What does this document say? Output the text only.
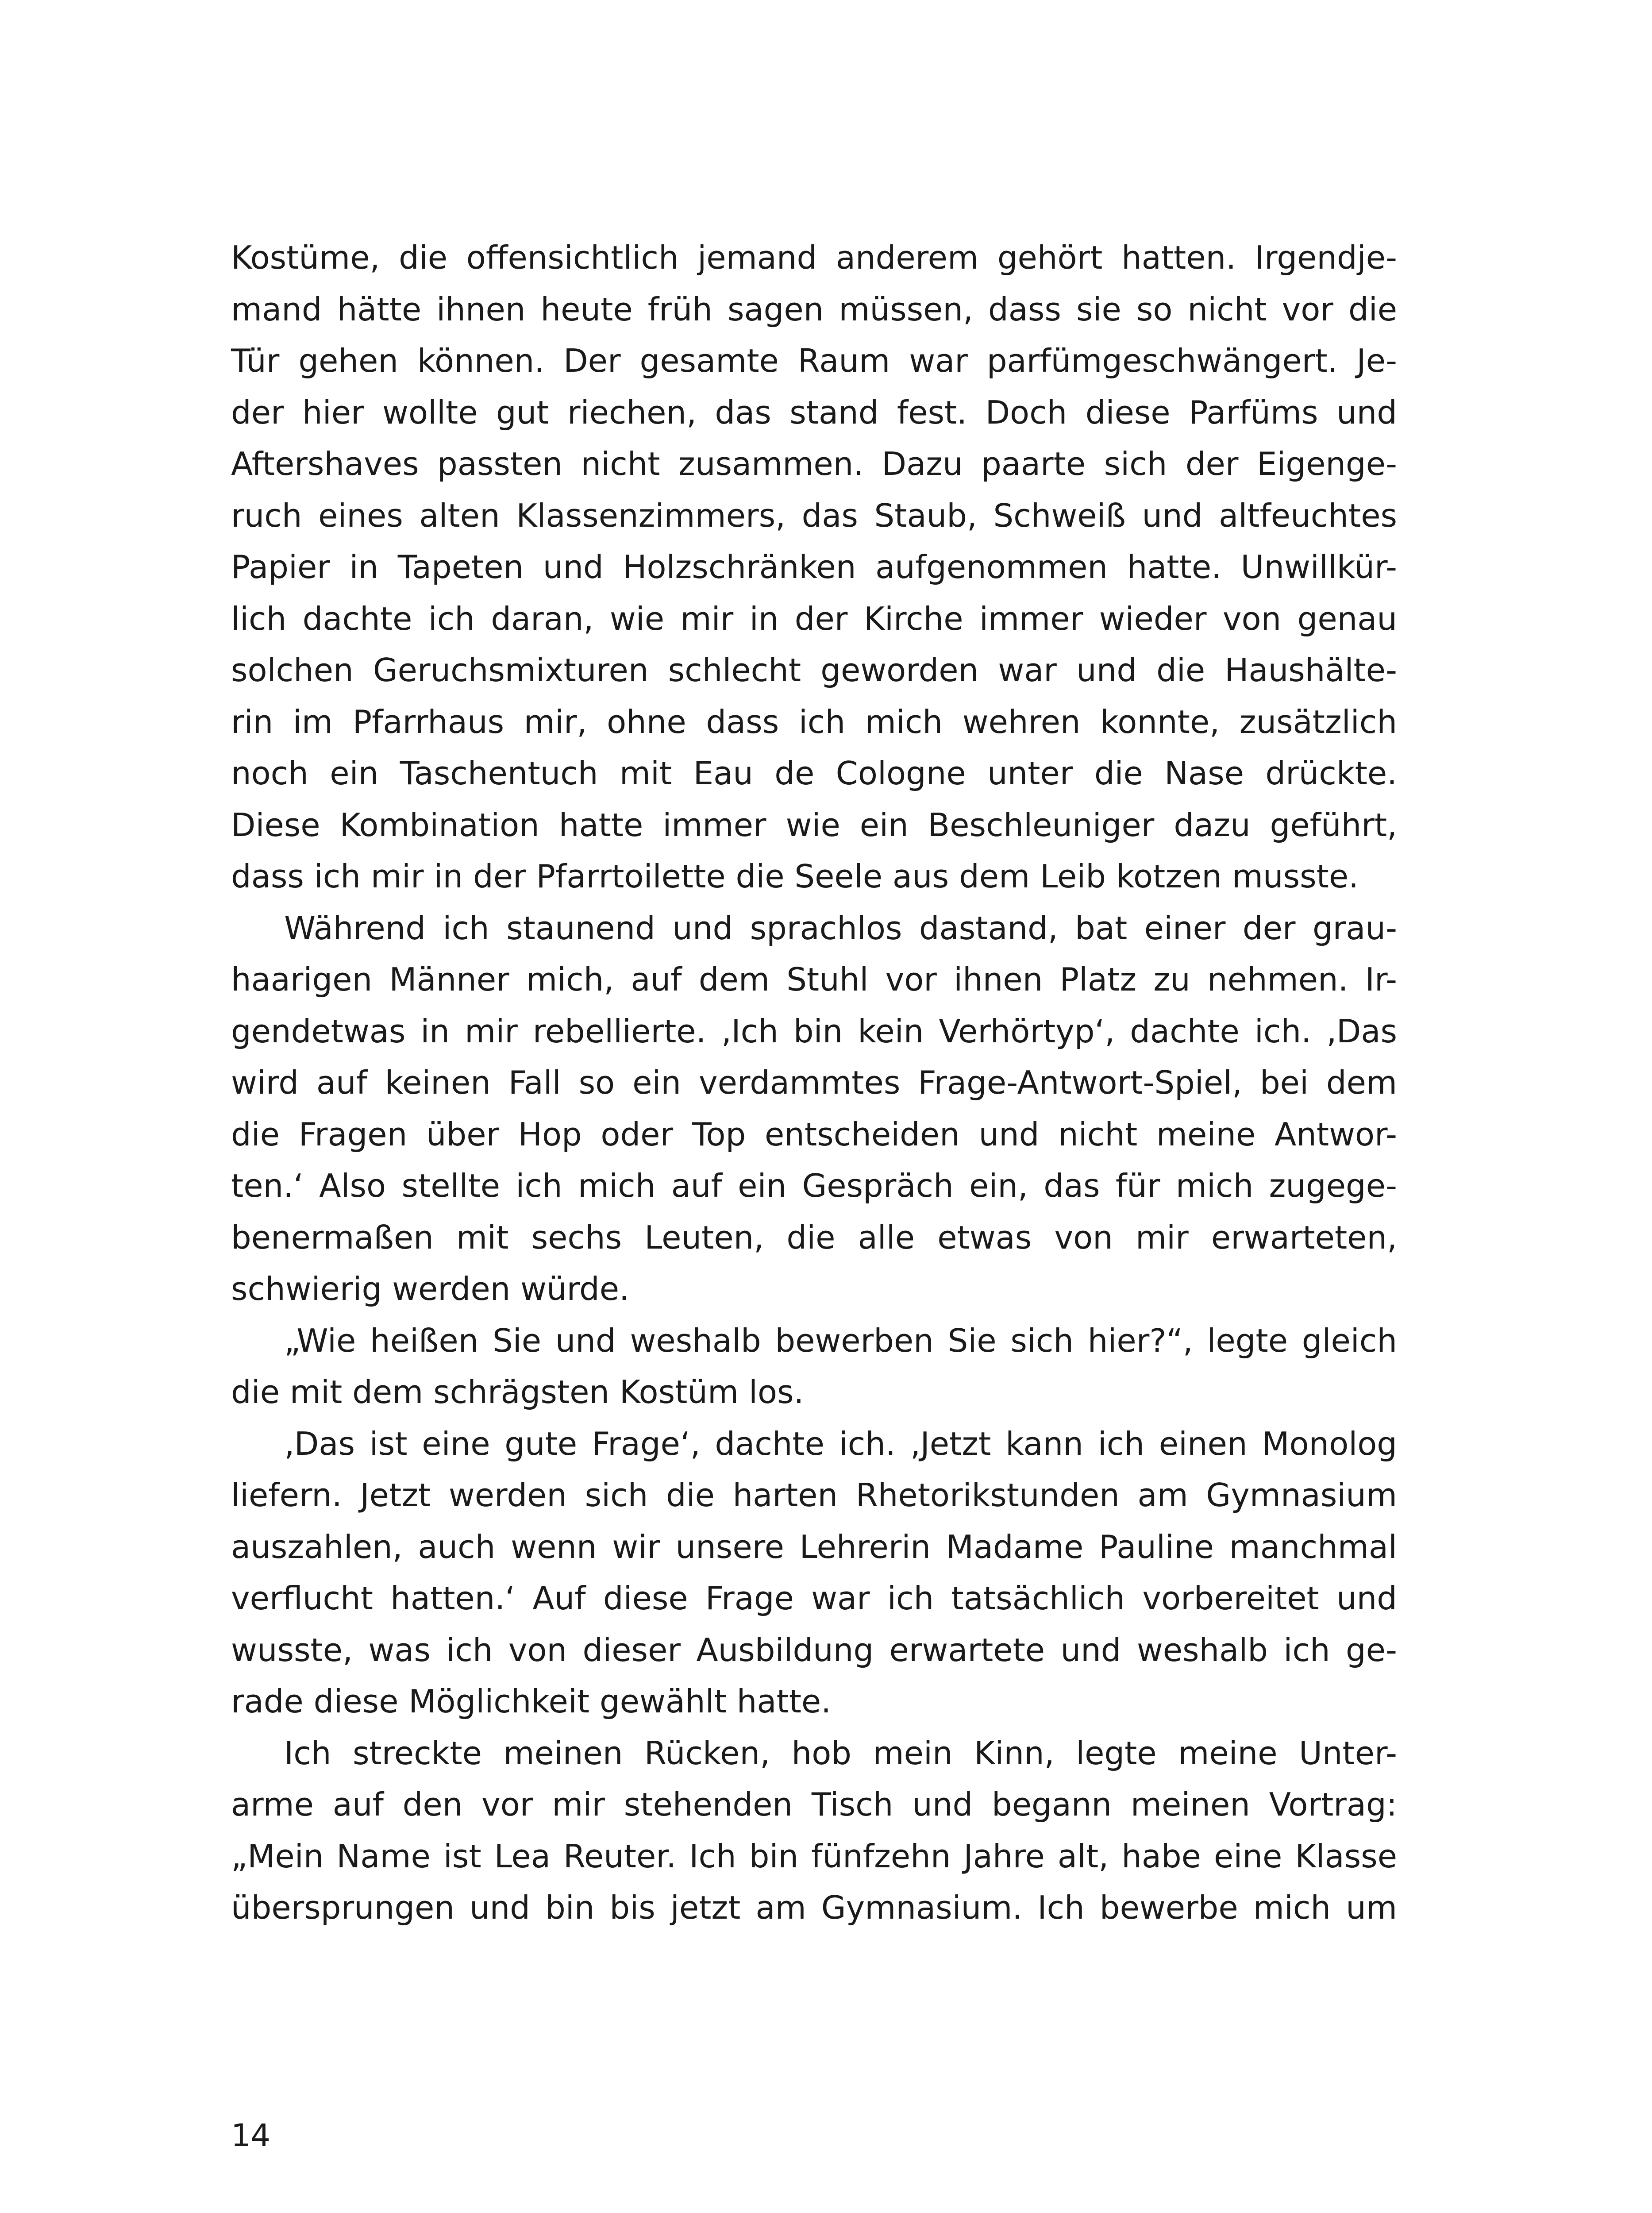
Kostüme, die offensichtlich jemand anderem gehört hatten. Irgendje-
mand hätte ihnen heute früh sagen müssen, dass sie so nicht vor die
Tür gehen können. Der gesamte Raum war parfümgeschwängert. Je-
der hier wollte gut riechen, das stand fest. Doch diese Parfüms und
Aftershaves passten nicht zusammen. Dazu paarte sich der Eigenge-
ruch eines alten Klassenzimmers, das Staub, Schweiß und altfeuchtes
Papier in Tapeten und Holzschränken aufgenommen hatte. Unwillkür-
lich dachte ich daran, wie mir in der Kirche immer wieder von genau
solchen Geruchsmixturen schlecht geworden war und die Haushälte-
rin im Pfarrhaus mir, ohne dass ich mich wehren konnte, zusätzlich
noch ein Taschentuch mit Eau de Cologne unter die Nase drückte.
Diese Kombination hatte immer wie ein Beschleuniger dazu geführt,
dass ich mir in der Pfarrtoilette die Seele aus dem Leib kotzen musste.
Während ich staunend und sprachlos dastand, bat einer der grau-
haarigen Männer mich, auf dem Stuhl vor ihnen Platz zu nehmen. Ir-
gendetwas in mir rebellierte. ‚Ich bin kein Verhörtyp‘, dachte ich. ‚Das
wird auf keinen Fall so ein verdammtes Frage-Antwort-Spiel, bei dem
die Fragen über Hop oder Top entscheiden und nicht meine Antwor-
ten.‘ Also stellte ich mich auf ein Gespräch ein, das für mich zugege-
benermaßen mit sechs Leuten, die alle etwas von mir erwarteten,
schwierig werden würde.
„Wie heißen Sie und weshalb bewerben Sie sich hier?“, legte gleich
die mit dem schrägsten Kostüm los.
‚Das ist eine gute Frage‘, dachte ich. ‚Jetzt kann ich einen Monolog
liefern. Jetzt werden sich die harten Rhetorikstunden am Gymnasium
auszahlen, auch wenn wir unsere Lehrerin Madame Pauline manchmal
verflucht hatten.‘ Auf diese Frage war ich tatsächlich vorbereitet und
wusste, was ich von dieser Ausbildung erwartete und weshalb ich ge-
rade diese Möglichkeit gewählt hatte.
Ich streckte meinen Rücken, hob mein Kinn, legte meine Unter-
arme auf den vor mir stehenden Tisch und begann meinen Vortrag:
„Mein Name ist Lea Reuter. Ich bin fünfzehn Jahre alt, habe eine Klasse
übersprungen und bin bis jetzt am Gymnasium. Ich bewerbe mich um
14
